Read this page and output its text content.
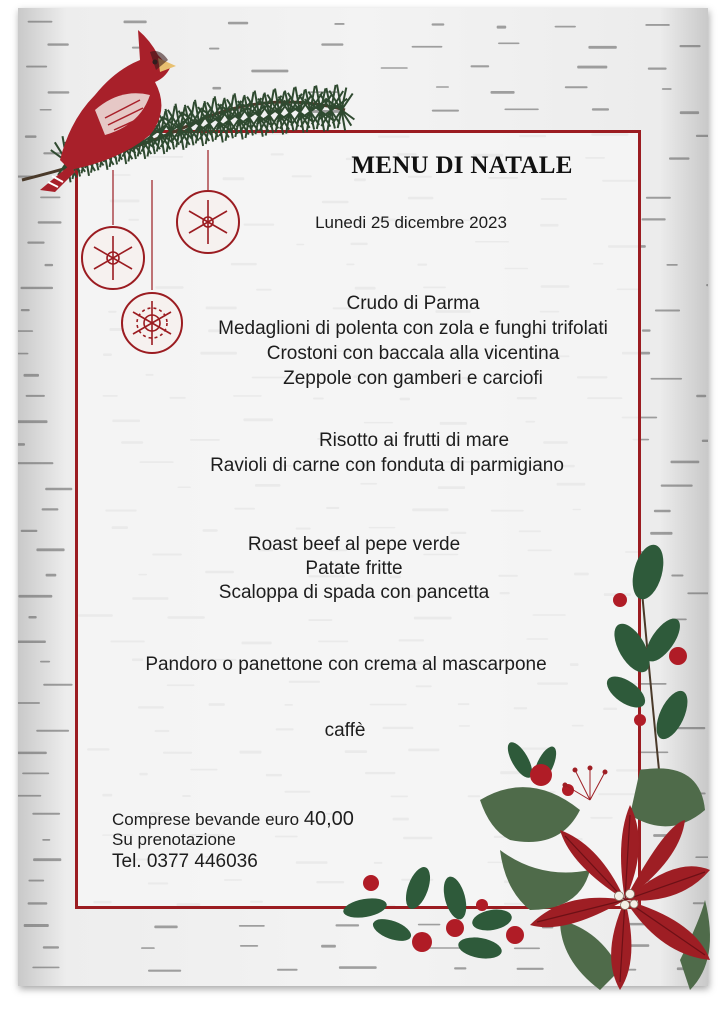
MENU DI NATALE
Lunedi 25 dicembre 2023
Crudo di Parma
Medaglioni di polenta con zola e funghi trifolati
Crostoni con baccala alla vicentina
Zeppole con gamberi e carciofi
Risotto ai frutti di mare
Ravioli di carne con fonduta di parmigiano
Roast beef al pepe verde
Patate fritte
Scaloppa di spada con pancetta
Pandoro o panettone con crema al mascarpone
caffè
Comprese bevande euro 40,00
Su prenotazione
Tel. 0377 446036
